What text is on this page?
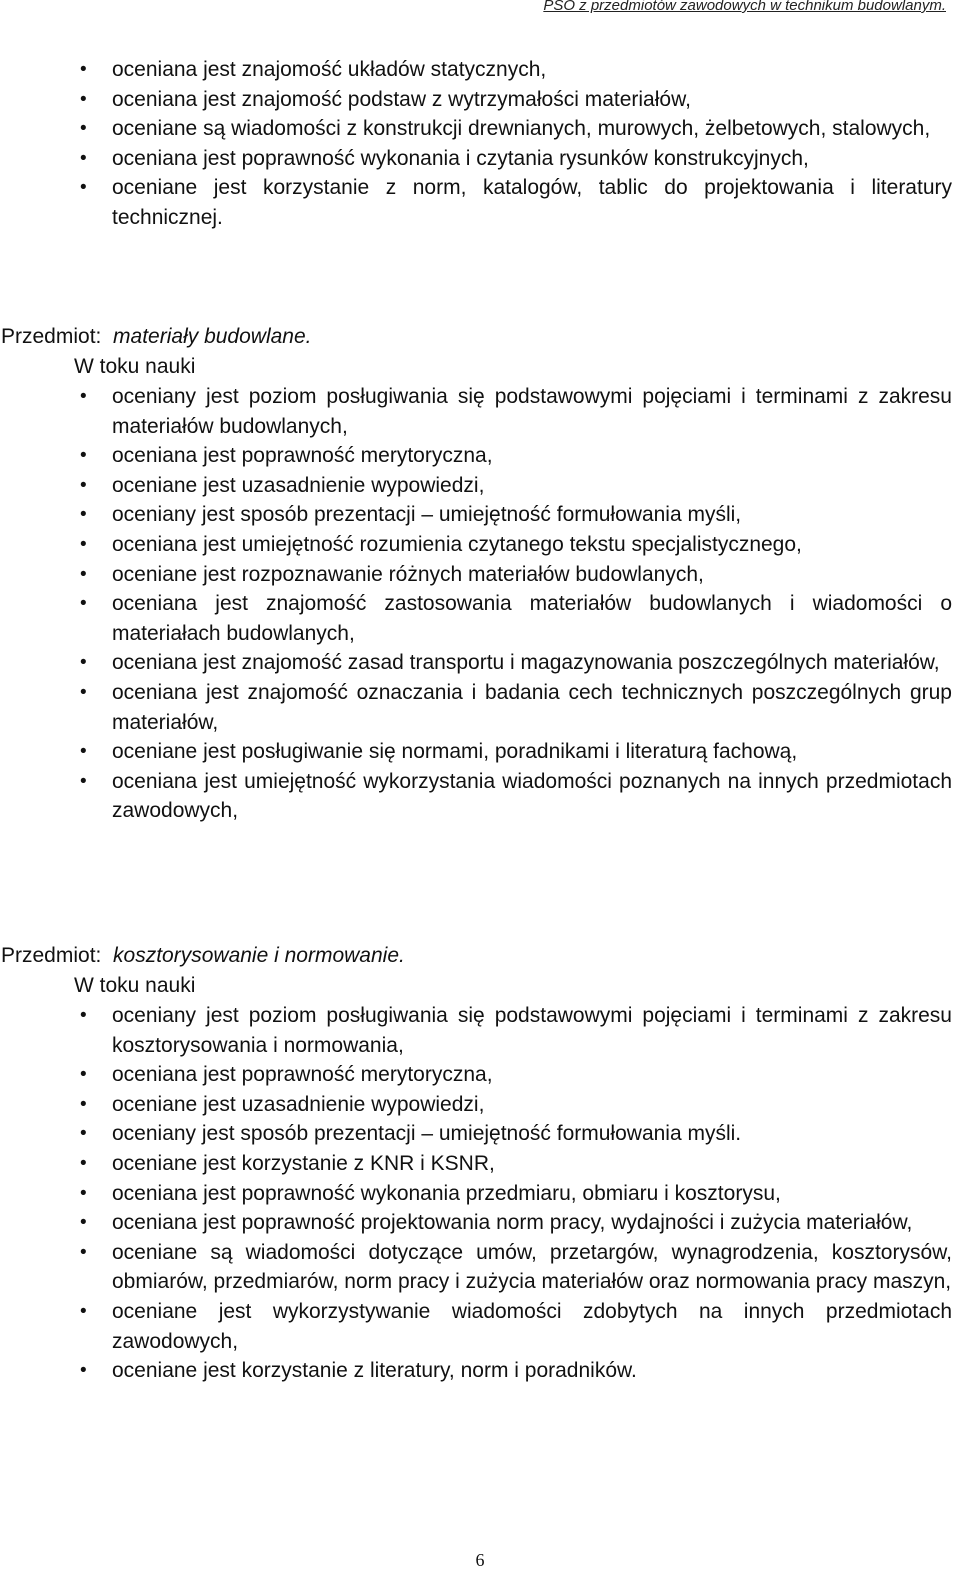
PSO z przedmiotów zawodowych w technikum budowlanym.
• oceniana jest znajomość układów statycznych,
• oceniana jest znajomość podstaw z wytrzymałości materiałów,
• oceniane są wiadomości z konstrukcji drewnianych, murowych, żelbetowych, stalowych,
• oceniana jest poprawność wykonania i czytania rysunków konstrukcyjnych,
• oceniane jest korzystanie z norm, katalogów, tablic do projektowania i literatury technicznej.
Przedmiot: materiały budowlane.
W toku nauki
• oceniany jest poziom posługiwania się podstawowymi pojęciami i terminami z zakresu materiałów budowlanych,
• oceniana jest poprawność merytoryczna,
• oceniane jest uzasadnienie wypowiedzi,
• oceniany jest sposób prezentacji – umiejętność formułowania myśli,
• oceniana jest umiejętność rozumienia czytanego tekstu specjalistycznego,
• oceniane jest rozpoznawanie różnych materiałów budowlanych,
• oceniana jest znajomość zastosowania materiałów budowlanych i wiadomości o materiałach budowlanych,
• oceniana jest znajomość zasad transportu i magazynowania poszczególnych materiałów,
• oceniana jest znajomość oznaczania i badania cech technicznych poszczególnych grup materiałów,
• oceniane jest posługiwanie się normami, poradnikami i literaturą fachową,
• oceniana jest umiejętność wykorzystania wiadomości poznanych na innych przedmiotach zawodowych,
Przedmiot: kosztorysowanie i normowanie.
W toku nauki
• oceniany jest poziom posługiwania się podstawowymi pojęciami i terminami z zakresu kosztorysowania i normowania,
• oceniana jest poprawność merytoryczna,
• oceniane jest uzasadnienie wypowiedzi,
• oceniany jest sposób prezentacji – umiejętność formułowania myśli.
• oceniane jest korzystanie z KNR i KSNR,
• oceniana jest poprawność wykonania przedmiaru, obmiaru i kosztorysu,
• oceniana jest poprawność projektowania norm pracy, wydajności i zużycia materiałów,
• oceniane są wiadomości dotyczące umów, przetargów, wynagrodzenia, kosztorysów, obmiarów, przedmiarów, norm pracy i zużycia materiałów oraz normowania pracy maszyn,
• oceniane jest wykorzystywanie wiadomości zdobytych na innych przedmiotach zawodowych,
• oceniane jest korzystanie z literatury, norm i poradników.
6
